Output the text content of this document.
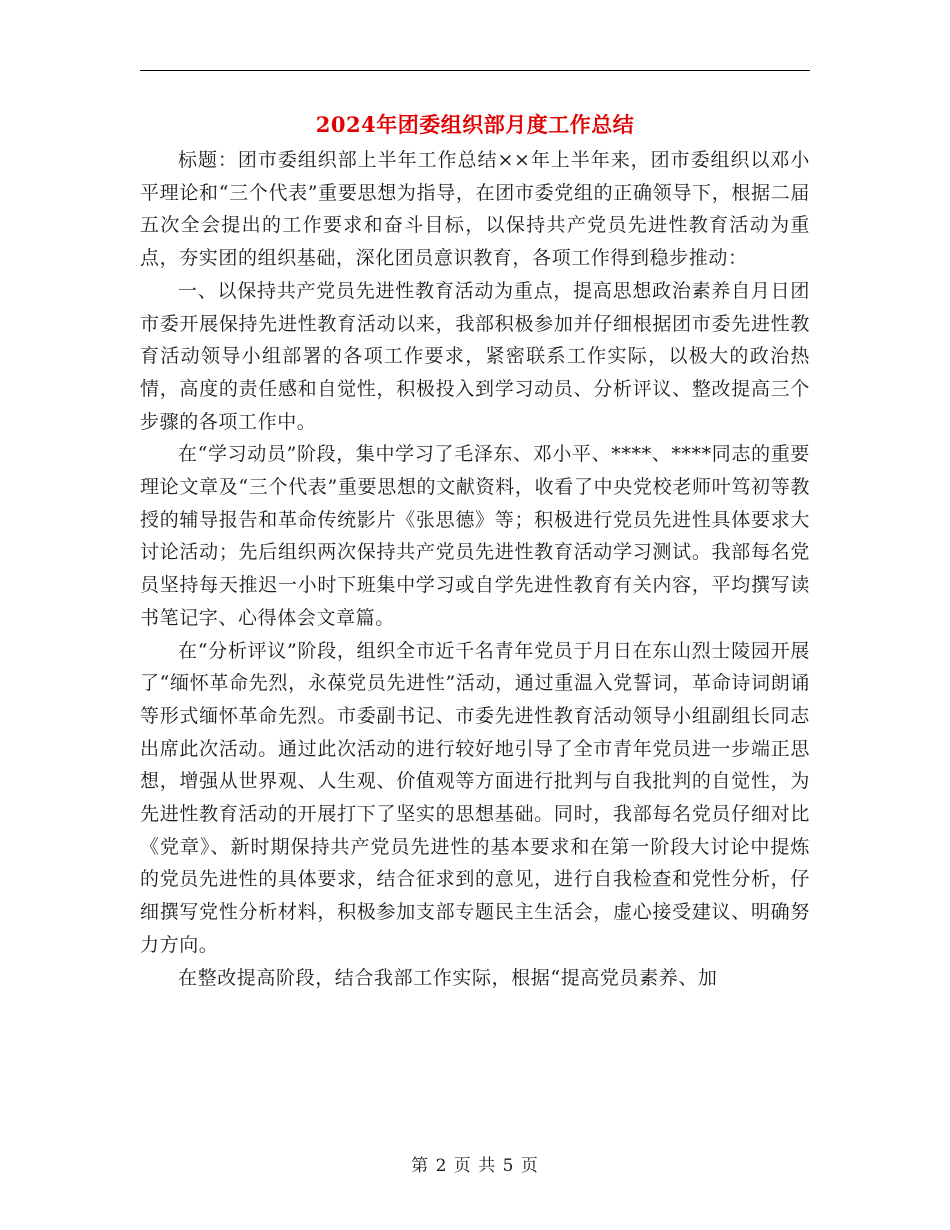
2024年团委组织部月度工作总结

标题：团市委组织部上半年工作总结××年上半年来，团市委组织以邓小平理论和“三个代表”重要思想为指导，在团市委党组的正确领导下，根据二届五次全会提出的工作要求和奋斗目标，以保持共产党员先进性教育活动为重点，夯实团的组织基础，深化团员意识教育，各项工作得到稳步推动：

一、以保持共产党员先进性教育活动为重点，提高思想政治素养自月日团市委开展保持先进性教育活动以来，我部积极参加并仔细根据团市委先进性教育活动领导小组部署的各项工作要求，紧密联系工作实际，以极大的政治热情，高度的责任感和自觉性，积极投入到学习动员、分析评议、整改提高三个步骤的各项工作中。

在“学习动员”阶段，集中学习了毛泽东、邓小平、****、****同志的重要理论文章及“三个代表”重要思想的文献资料，收看了中央党校老师叶笃初等教授的辅导报告和革命传统影片《张思德》等；积极进行党员先进性具体要求大讨论活动；先后组织两次保持共产党员先进性教育活动学习测试。我部每名党员坚持每天推迟一小时下班集中学习或自学先进性教育有关内容，平均撰写读书笔记字、心得体会文章篇。

在“分析评议”阶段，组织全市近千名青年党员于月日在东山烈士陵园开展了“缅怀革命先烈，永葆党员先进性”活动，通过重温入党誓词，革命诗词朗诵等形式缅怀革命先烈。市委副书记、市委先进性教育活动领导小组副组长同志出席此次活动。通过此次活动的进行较好地引导了全市青年党员进一步端正思想，增强从世界观、人生观、价值观等方面进行批判与自我批判的自觉性，为先进性教育活动的开展打下了坚实的思想基础。同时，我部每名党员仔细对比《党章》、新时期保持共产党员先进性的基本要求和在第一阶段大讨论中提炼的党员先进性的具体要求，结合征求到的意见，进行自我检查和党性分析，仔细撰写党性分析材料，积极参加支部专题民主生活会，虚心接受建议、明确努力方向。

在整改提高阶段，结合我部工作实际，根据“提高党员素养、加

第 2 页 共 5 页
